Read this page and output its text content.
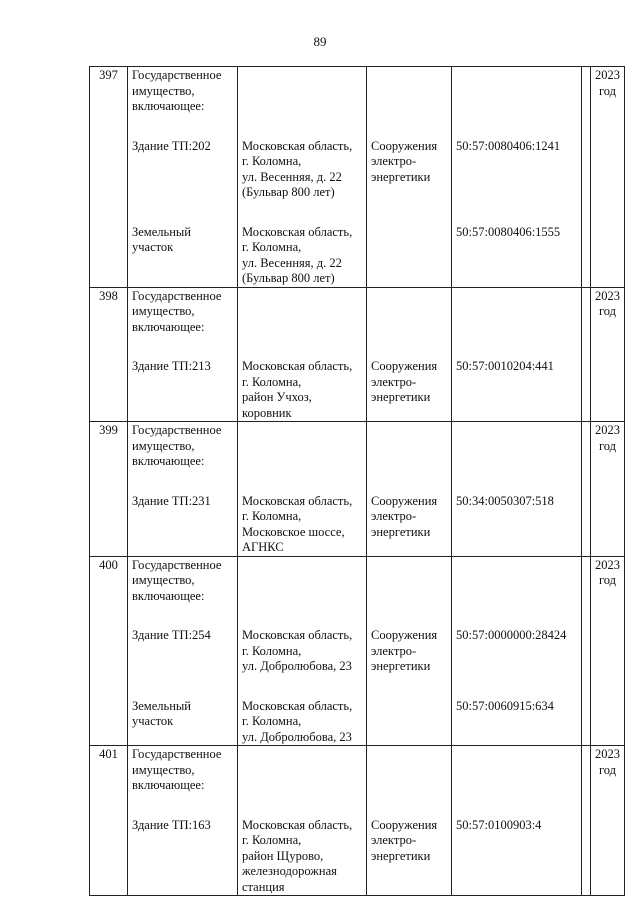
89
397	Государственное
имущество,
включающее:					2023
год

	Здание ТП:202	Московская область,
г. Коломна,
ул. Весенняя, д. 22
(Бульвар 800 лет)	Сооружения
электро-
энергетики	50:57:0080406:1241		

	Земельный
участок	Московская область,
г. Коломна,
ул. Весенняя, д. 22
(Бульвар 800 лет)		50:57:0080406:1555		
398	Государственное
имущество,
включающее:					2023
год

	Здание ТП:213	Московская область,
г. Коломна,
район Учхоз,
коровник	Сооружения
электро-
энергетики	50:57:0010204:441		
399	Государственное
имущество,
включающее:					2023
год

	Здание ТП:231	Московская область,
г. Коломна,
Московское шоссе,
АГНКС	Сооружения
электро-
энергетики	50:34:0050307:518		
400	Государственное
имущество,
включающее:					2023
год

	Здание ТП:254	Московская область,
г. Коломна,
ул. Добролюбова, 23	Сооружения
электро-
энергетики	50:57:0000000:28424		

	Земельный
участок	Московская область,
г. Коломна,
ул. Добролюбова, 23		50:57:0060915:634		
401	Государственное
имущество,
включающее:					2023
год

	Здание ТП:163	Московская область,
г. Коломна,
район Щурово,
железнодорожная
станция	Сооружения
электро-
энергетики	50:57:0100903:4		
